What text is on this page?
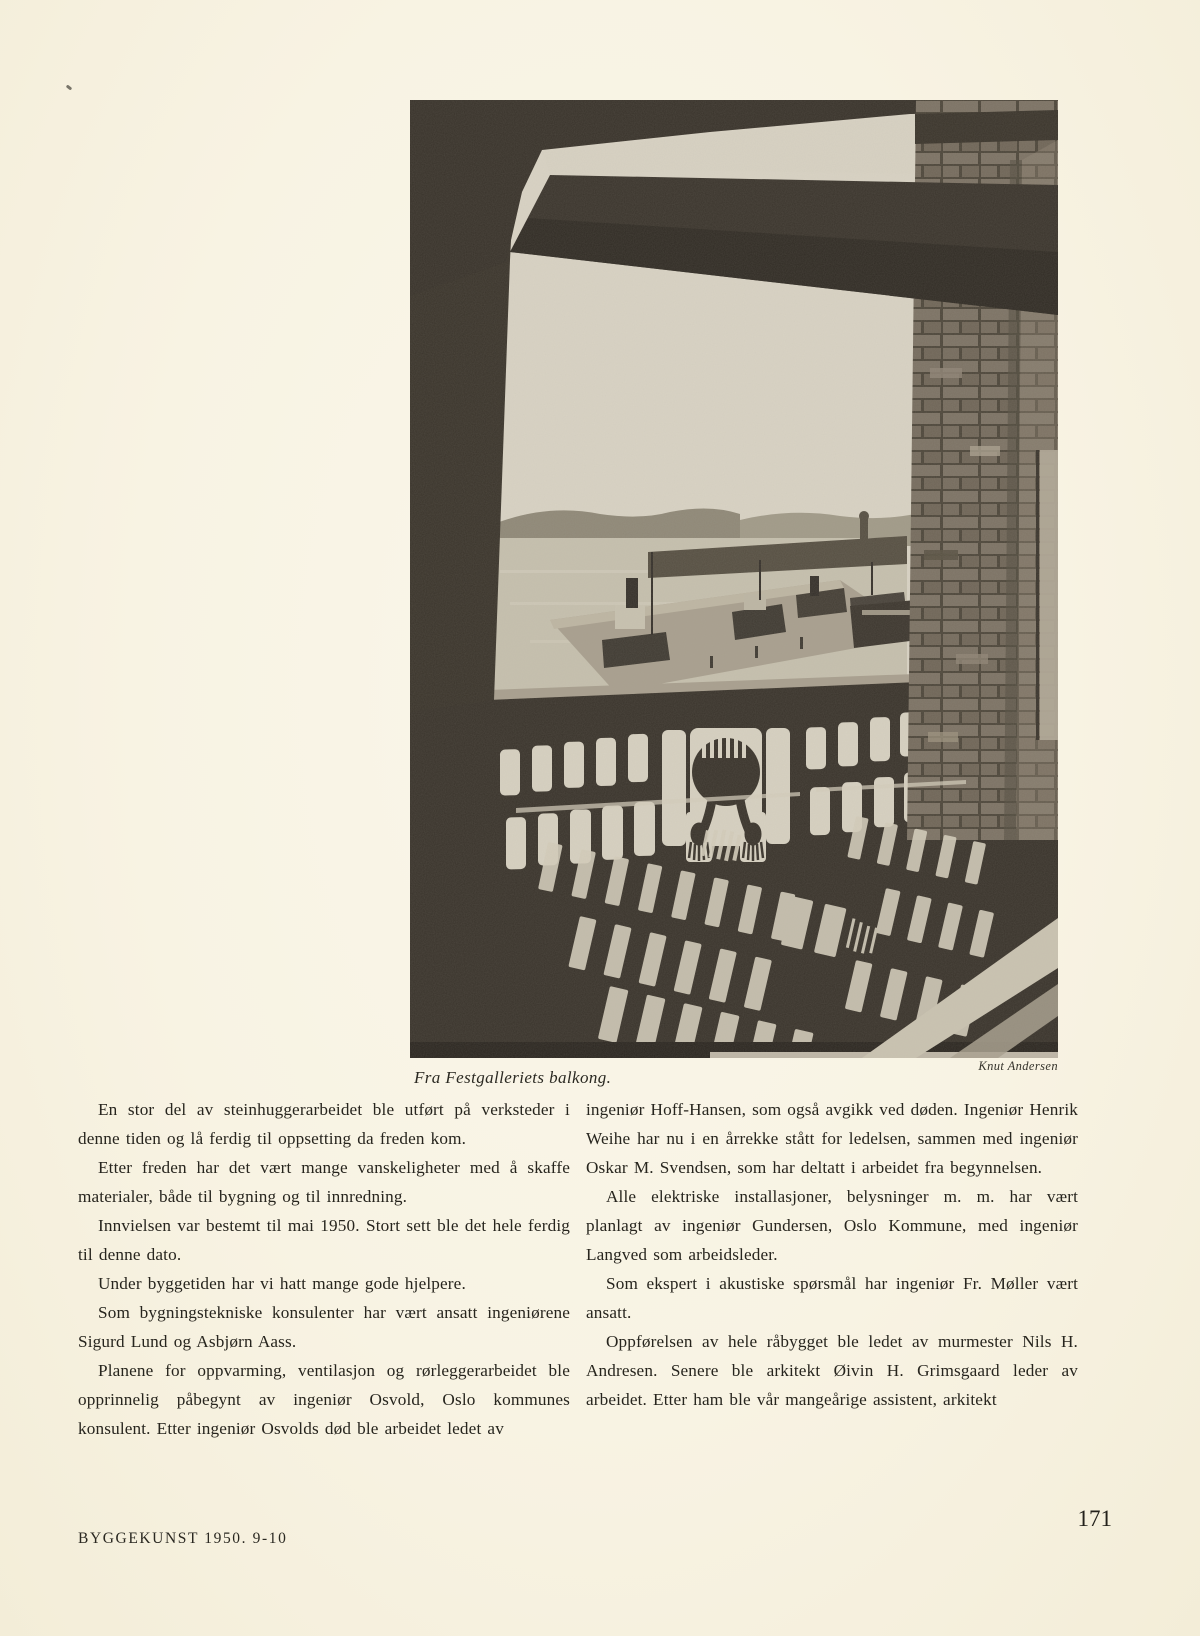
Fra Festgalleriets balkong.
Knut Andersen

En stor del av steinhuggerarbeidet ble utført på verksteder i denne tiden og lå ferdig til oppsetting da freden kom.

Etter freden har det vært mange vanskeligheter med å skaffe materialer, både til bygning og til innredning.

Innvielsen var bestemt til mai 1950. Stort sett ble det hele ferdig til denne dato.

Under byggetiden har vi hatt mange gode hjelpere.

Som bygningstekniske konsulenter har vært ansatt ingeniørene Sigurd Lund og Asbjørn Aass.

Planene for oppvarming, ventilasjon og rørleggerarbeidet ble opprinnelig påbegynt av ingeniør Osvold, Oslo kommunes konsulent. Etter ingeniør Osvolds død ble arbeidet ledet av

ingeniør Hoff-Hansen, som også avgikk ved døden. Ingeniør Henrik Weihe har nu i en årrekke stått for ledelsen, sammen med ingeniør Oskar M. Svendsen, som har deltatt i arbeidet fra begynnelsen.

Alle elektriske installasjoner, belysninger m. m. har vært planlagt av ingeniør Gundersen, Oslo Kommune, med ingeniør Langved som arbeidsleder.

Som ekspert i akustiske spørsmål har ingeniør Fr. Møller vært ansatt.

Oppførelsen av hele råbygget ble ledet av murmester Nils H. Andresen. Senere ble arkitekt Øivin H. Grimsgaard leder av arbeidet. Etter ham ble vår mangeårige assistent, arkitekt

BYGGEKUNST 1950. 9-10
171
